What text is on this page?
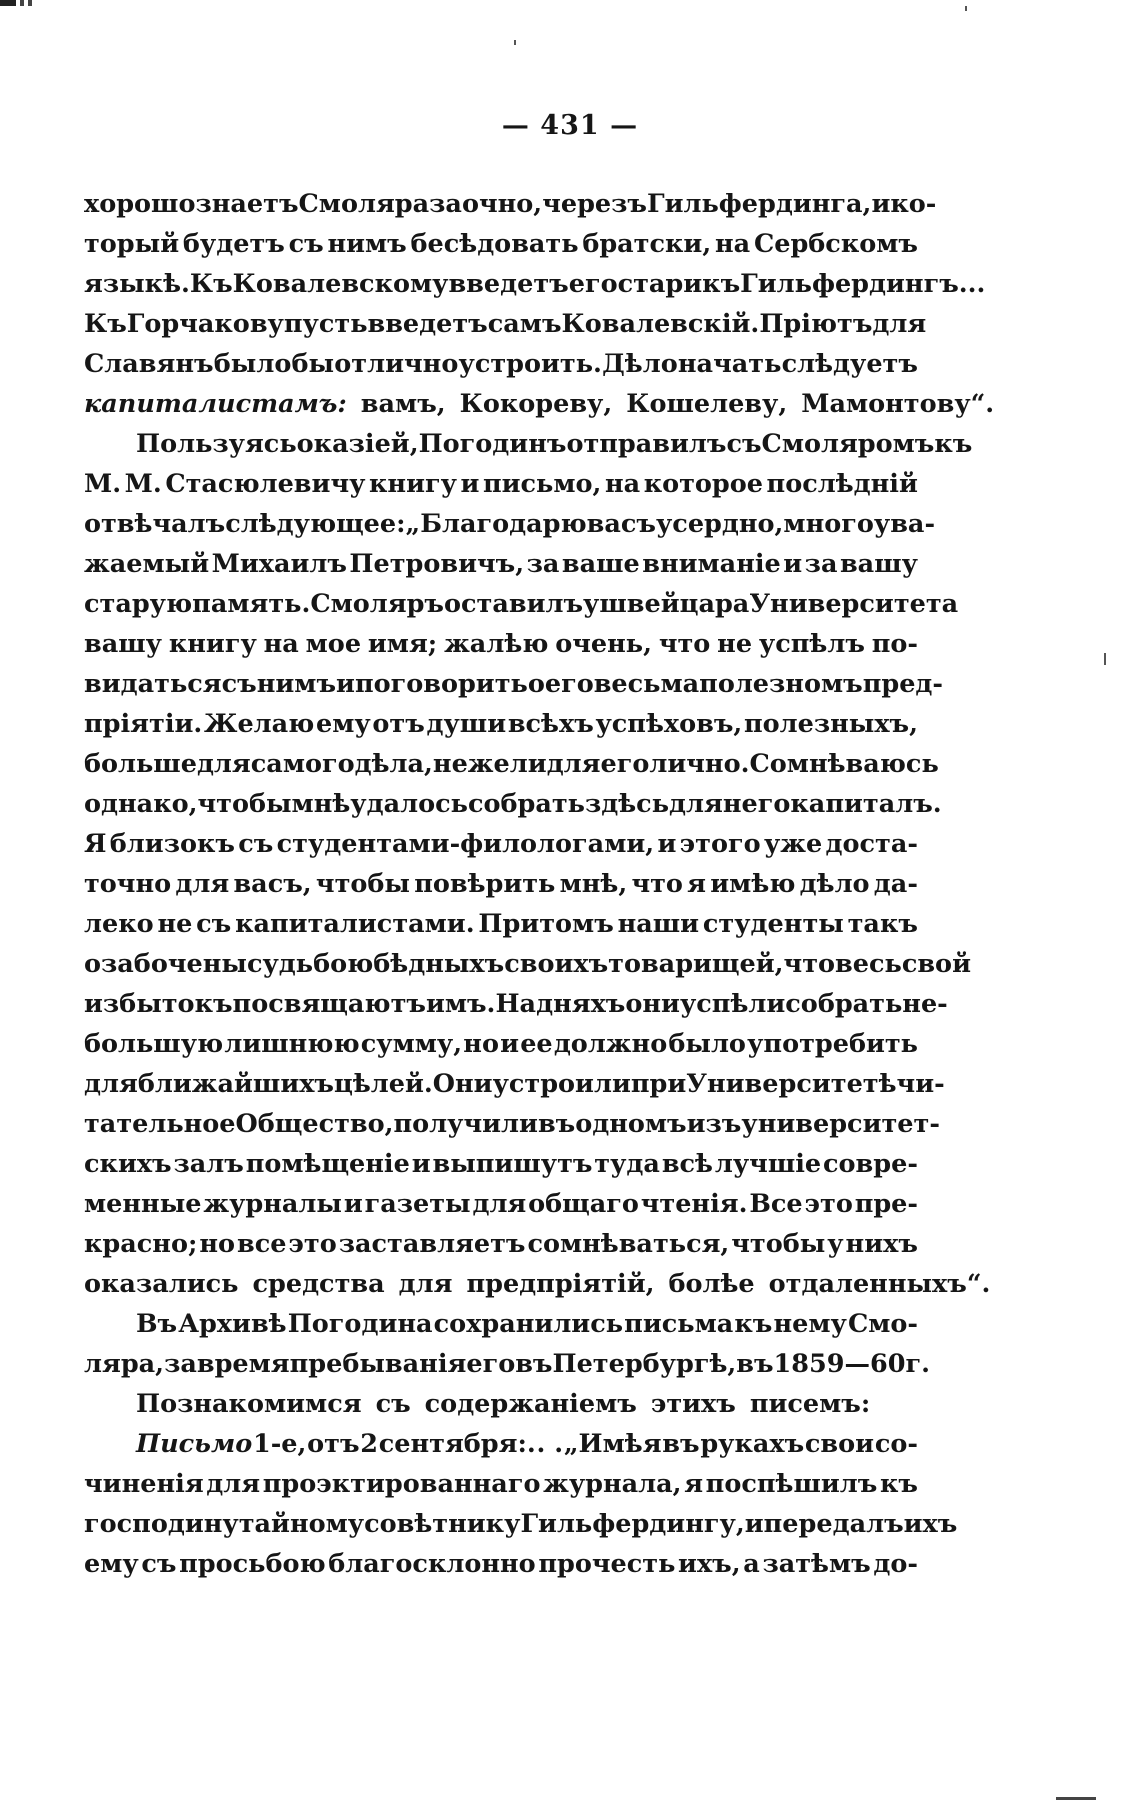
— 431 —
хорошо знаетъ Смоляра заочно, черезъ Гильфердинга, и ко-
торый будетъ съ нимъ бесѣдовать братски, на Сербскомъ
языкѣ. Къ Ковалевскому введетъ его старикъ Гильфердингъ...
Къ Горчакову пусть введетъ самъ Ковалевскій. Пріютъ для
Славянъ было бы отлично устроить. Дѣло начать слѣдуетъ
капиталистамъ: вамъ, Кокореву, Кошелеву, Мамонтову“.
Пользуясь оказіей, Погодинъ отправилъ съ Смоляромъ къ
М. М. Стасюлевичу книгу и письмо, на которое послѣдній
отвѣчалъ слѣдующее: „Благодарю васъ усердно, многоува-
жаемый Михаилъ Петровичъ, за ваше вниманіе и за вашу
старую память. Смоляръ оставилъ у швейцара Университета
вашу книгу на мое имя; жалѣю очень, что не успѣлъ по-
видаться съ нимъ и поговорить о его весьма полезномъ пред-
пріятіи. Желаю ему отъ души всѣхъ успѣховъ, полезныхъ,
больше для самого дѣла, нежели для его лично. Сомнѣваюсь
однако, чтобы мнѣ удалось собрать здѣсь для него капиталъ.
Я близокъ съ студентами-филологами, и этого уже доста-
точно для васъ, чтобы повѣрить мнѣ, что я имѣю дѣло да-
леко не съ капиталистами. Притомъ наши студенты такъ
озабочены судьбою бѣдныхъ своихъ товарищей, что весь свой
избытокъ посвящаютъ имъ. Надняхъ они успѣли собрать не-
большую лишнюю сумму, но и ее должно было употребить
для ближайшихъ цѣлей. Они устроили при Университетѣ чи-
тательное Общество, получили въ одномъ изъ университет-
скихъ залъ помѣщеніе и выпишутъ туда всѣ лучшіе совре-
менные журналы и газеты для общаго чтенія. Все это пре-
красно; но все это заставляетъ сомнѣваться, чтобы у нихъ
оказались средства для предпріятій, болѣе отдаленныхъ“.
Въ Архивѣ Погодина сохранились письма къ нему Смо-
ляра, за время пребыванія его въ Петербургѣ, въ 1859—60 г.
Познакомимся съ содержаніемъ этихъ писемъ:
Письмо 1-е, отъ 2 сентября:. . . „Имѣя въ рукахъ свои со-
чиненія для проэктированнаго журнала, я поспѣшилъ къ
господину тайному совѣтнику Гильфердингу, и передалъ ихъ
ему съ просьбою благосклонно прочесть ихъ, а затѣмъ до-
